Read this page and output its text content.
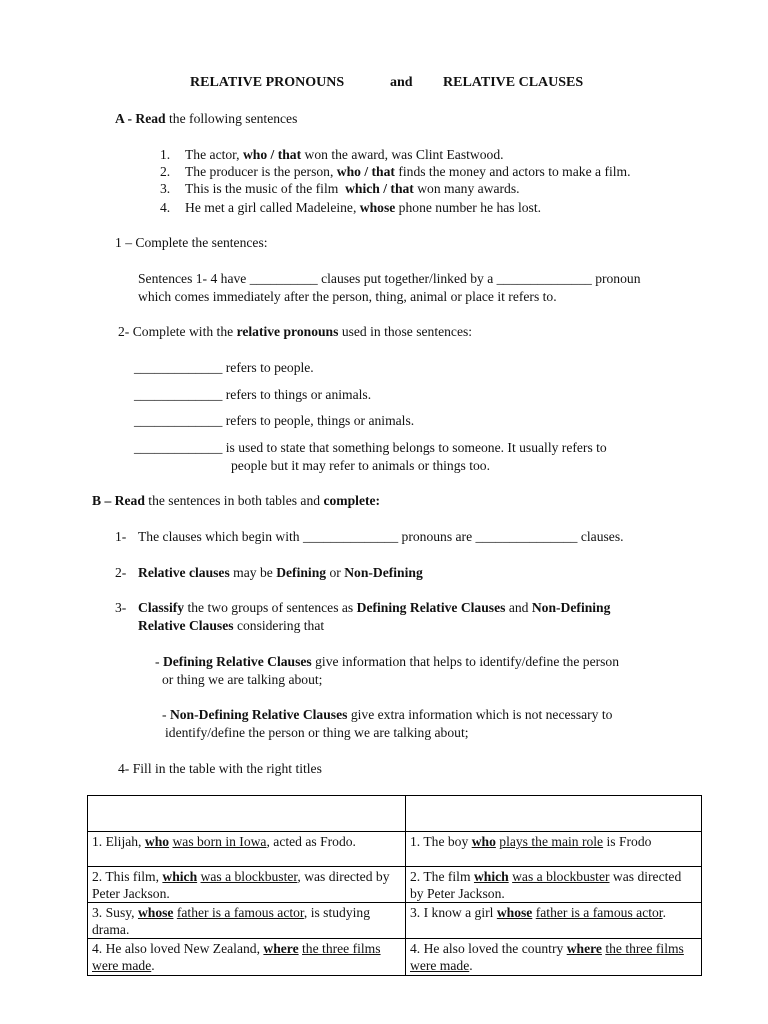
RELATIVE PRONOUNS	and RELATIVE CLAUSES
A - Read the following sentences
1. The actor, who / that won the award, was Clint Eastwood.
2. The producer is the person, who / that finds the money and actors to make a film.
3. This is the music of the film which / that won many awards.
4. He met a girl called Madeleine, whose phone number he has lost.
1 – Complete the sentences:
Sentences 1- 4 have __________ clauses put together/linked by a ______________ pronoun
which comes immediately after the person, thing, animal or place it refers to.
2- Complete with the relative pronouns used in those sentences:
_____________ refers to people.
_____________ refers to things or animals.
_____________ refers to people, things or animals.
_____________ is used to state that something belongs to someone. It usually refers to
people but it may refer to animals or things too.
B – Read the sentences in both tables and complete:
1- The clauses which begin with ______________ pronouns are _______________ clauses.
2- Relative clauses may be Defining or Non-Defining
3- Classify the two groups of sentences as Defining Relative Clauses and Non-Defining
Relative Clauses considering that
- Defining Relative Clauses give information that helps to identify/define the person
or thing we are talking about;
- Non-Defining Relative Clauses give extra information which is not necessary to
identify/define the person or thing we are talking about;
4- Fill in the table with the right titles

1. Elijah, who was born in Iowa, acted as Frodo.	1. The boy who plays the main role is Frodo
2. This film, which was a blockbuster, was directed by Peter Jackson.	2. The film which was a blockbuster was directed by Peter Jackson.
3. Susy, whose father is a famous actor, is studying drama.	3. I know a girl whose father is a famous actor.
4. He also loved New Zealand, where the three films were made.	4. He also loved the country where the three films were made.
